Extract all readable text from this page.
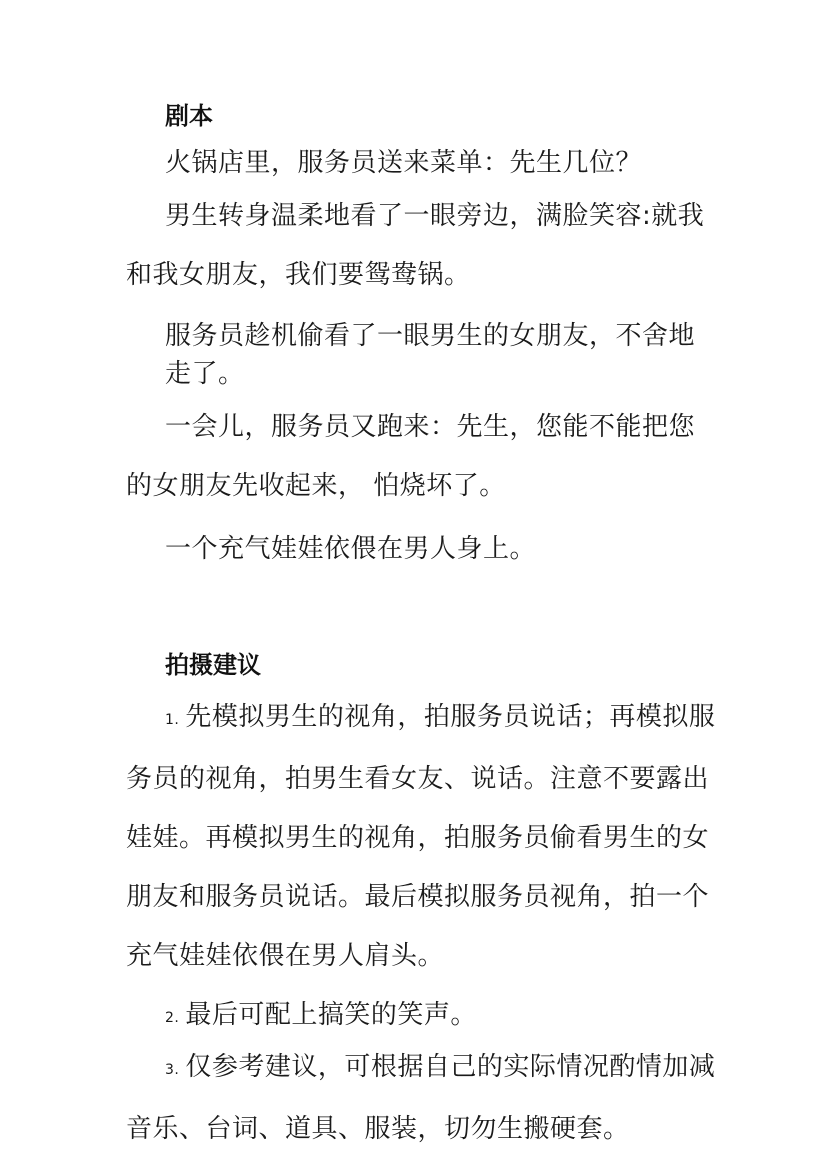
剧本

火锅店里，服务员送来菜单：先生几位？

男生转身温柔地看了一眼旁边，满脸笑容:就我和我女朋友，我们要鸳鸯锅。

服务员趁机偷看了一眼男生的女朋友，不舍地走了。

一会儿，服务员又跑来：先生，您能不能把您的女朋友先收起来， 怕烧坏了。

一个充气娃娃依偎在男人身上。

拍摄建议

1. 先模拟男生的视角，拍服务员说话；再模拟服务员的视角，拍男生看女友、说话。注意不要露出娃娃。再模拟男生的视角，拍服务员偷看男生的女朋友和服务员说话。最后模拟服务员视角，拍一个充气娃娃依偎在男人肩头。

2. 最后可配上搞笑的笑声。

3. 仅参考建议，可根据自己的实际情况酌情加减音乐、台词、道具、服装，切勿生搬硬套。
